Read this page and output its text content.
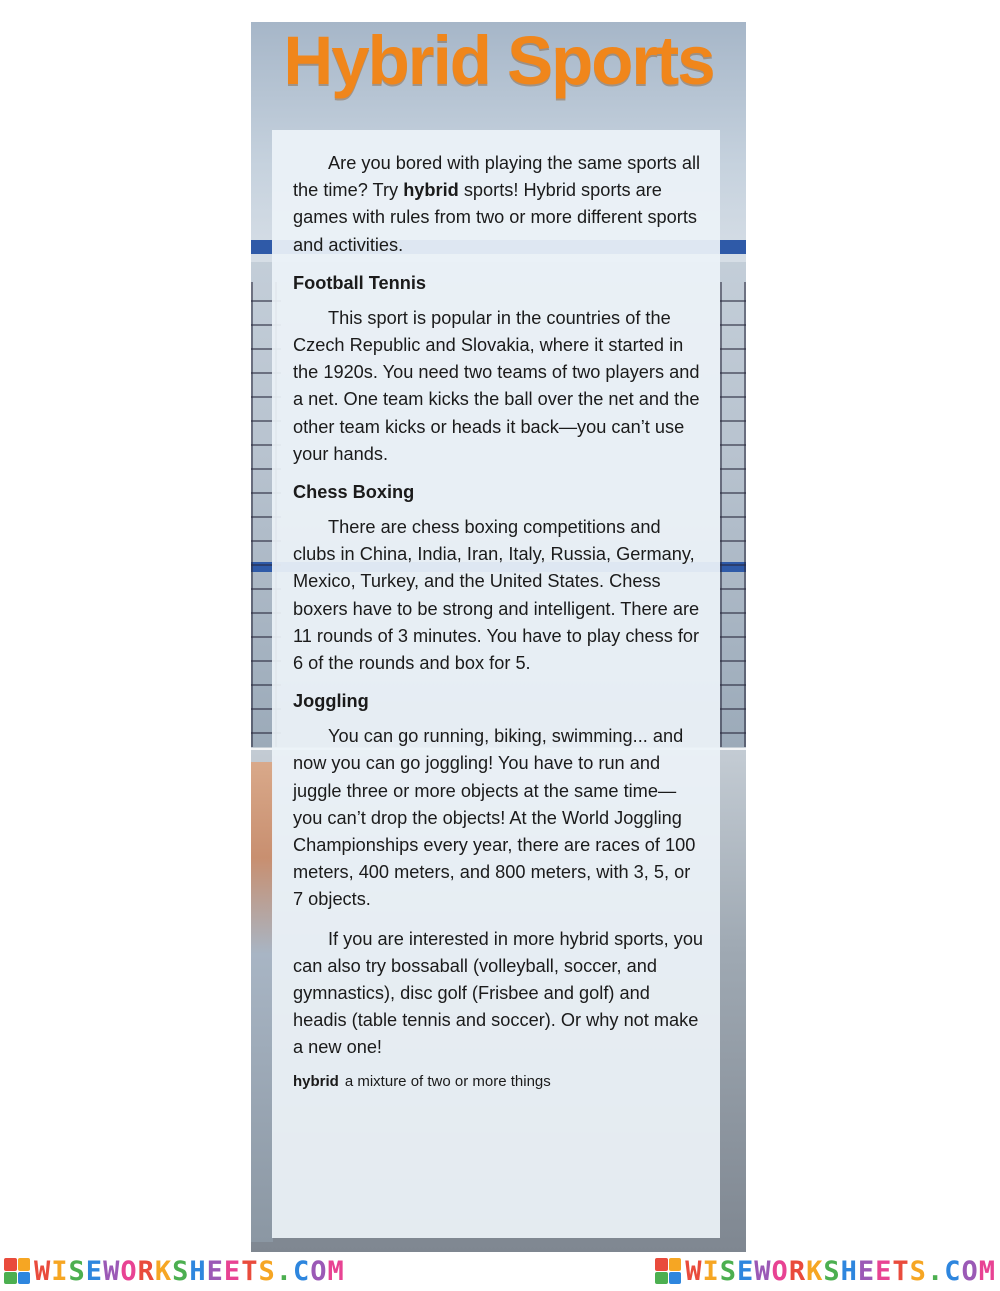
Hybrid Sports

Are you bored with playing the same sports all the time? Try hybrid sports! Hybrid sports are games with rules from two or more different sports and activities.

Football Tennis

This sport is popular in the countries of the Czech Republic and Slovakia, where it started in the 1920s. You need two teams of two players and a net. One team kicks the ball over the net and the other team kicks or heads it back—you can’t use your hands.

Chess Boxing

There are chess boxing competitions and clubs in China, India, Iran, Italy, Russia, Germany, Mexico, Turkey, and the United States. Chess boxers have to be strong and intelligent. There are 11 rounds of 3 minutes. You have to play chess for 6 of the rounds and box for 5.

Joggling

You can go running, biking, swimming... and now you can go joggling! You have to run and juggle three or more objects at the same time—you can’t drop the objects! At the World Joggling Championships every year, there are races of 100 meters, 400 meters, and 800 meters, with 3, 5, or 7 objects.

If you are interested in more hybrid sports, you can also try bossaball (volleyball, soccer, and gymnastics), disc golf (Frisbee and golf) and headis (table tennis and soccer). Or why not make a new one!

hybrid a mixture of two or more things

WISEWORKSHEETS.COM	WISEWORKSHEETS.COM
